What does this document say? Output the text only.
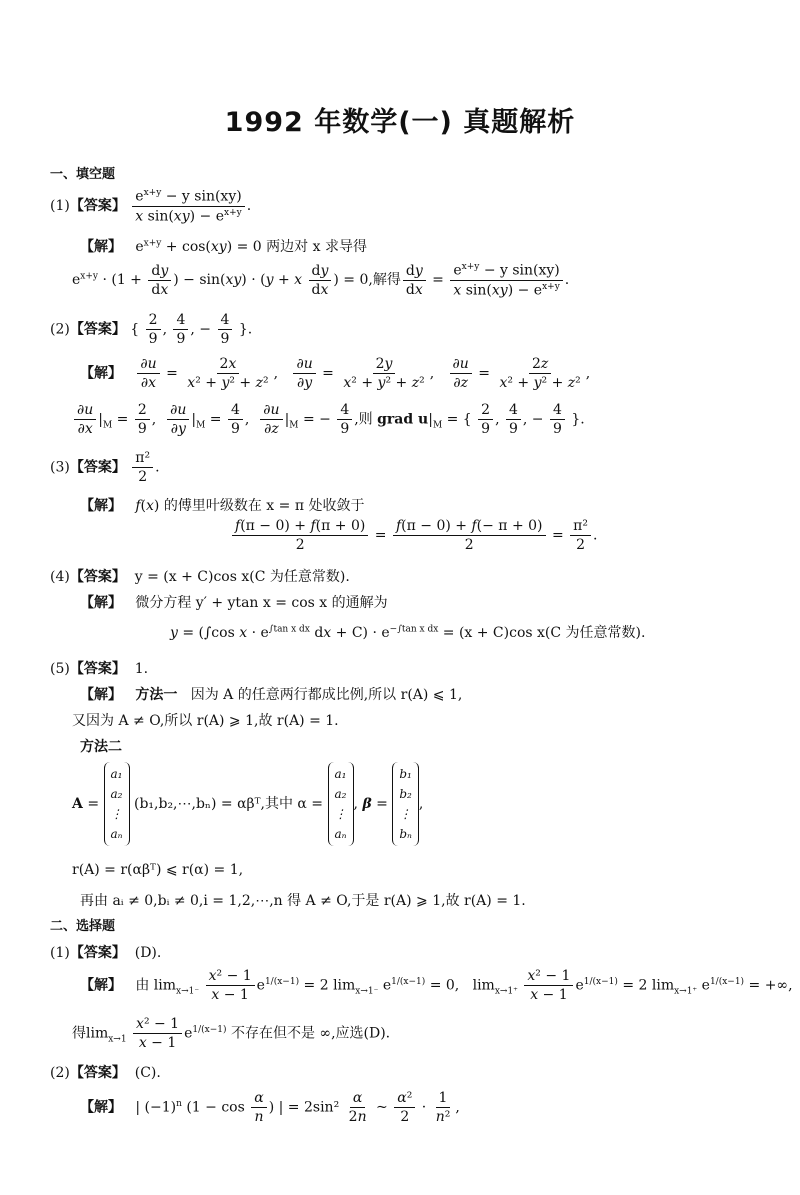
1992 年数学(一) 真题解析
一、填空题
(1)【答案】 $\frac{e^{x+y} - y \sin(xy)}{x \sin(xy) - e^{x+y}}$ .
【解】   $e^{x+y} + \cos(xy) = 0$ 两边对 x 求导得
$e^{x+y} \cdot (1 + \frac{dy}{dx}$ ) − sin(xy) · (y + x $\frac{dy}{dx}$ ) = 0,解得 $\frac{dy}{dx} = \frac{e^{x+y} - y \sin(xy)}{x \sin(xy) - e^{x+y}}$ .
(2)【答案】 { $\frac{2}{9}$ , $\frac{4}{9}$ , − $\frac{4}{9}$ }.
【解】 $\frac{\partial u}{\partial x} = \frac{2x}{\text{x² + y² + z²}}$ , $\frac{\partial u}{\partial y} = \frac{2y}{\text{x² + y² + z²}}$ , $\frac{\partial u}{\partial z} = \frac{2z}{\text{x² + y² + z²}}$ ,
$\frac{\partial u}{\partial x} |_M = \frac{2}{9}$ , $\frac{\partial u}{\partial y} |_M = \frac{4}{9}$ , $\frac{\partial u}{\partial z} |_M$ = − $\frac{4}{9}$ ,则 grad $u|_M$ = { $\frac{2}{9}$ , $\frac{4}{9}$ , − $\frac{4}{9}$ }.
(3)【答案】 $\frac{\text{π²}}{2}$ .
【解】 f(x) 的傅里叶级数在 x = π 处收敛于
$\frac{f(\pi - 0) + f(\pi + 0)}{2} = \frac{f(\pi - 0) + f(- \pi + 0)}{2} = \frac{\text{π²}}{2}$ .
(4)【答案】 y = (x + C)cos x(C 为任意常数).
【解】 微分方程 y′ + ytan x = cos x 的通解为
y = (∫cos $x \cdot e^{\int tan x dx}$ dx + $C) \cdot e^{-\int tan x dx} = (x + C)\cos$ x(C 为任意常数).
(5)【答案】 1.
【解】 方法一 因为 A 的任意两行都成比例,所以 r(A) ⩽ 1,
又因为 A ≠ O,所以 r(A) ⩾ 1,故 r(A) = 1.
方法二
A =
a₁
a₂
⋮
aₙ
(b₁,b₂,⋯,bₙ) = αβᵀ,其中 α =
a₁
a₂
⋮
aₙ
, β =
b₁
b₂
⋮
bₙ
,
r(A) = r(αβᵀ) ⩽ r(α) = 1,
再由 aᵢ ≠ 0,bᵢ ≠ 0,i = 1,2,⋯,n 得 A ≠ O,于是 r(A) ⩾ 1,故 r(A) = 1.
二、选择题
(1)【答案】 (D).
【解】 由 $\lim_{x\to 1^-} \frac{\text{x² − 1}}{x - 1} e^{1/(x-1)} = 2$ $\lim_{x\to 1^-} e^{1/(x-1)} = 0$,   $\lim_{x\to 1^+} \frac{\text{x² − 1}}{x - 1} e^{1/(x-1)} = 2$ $\lim_{x\to 1^+} e^{1/(x-1)}$ = +∞,
得$\lim_{x\to 1} \frac{\text{x² − 1}}{x - 1} e^{1/(x-1)}$ 不存在但不是 ∞,应选(D).
(2)【答案】 (C).
【解】   | $(-1)^n$ ($1 - \cos \frac{\alpha}{n}$ ) | = $2\sin^2 \frac{\alpha}{2n}$ ~ $\frac{\text{α²}}{2} \cdot \frac{1}{\text{n²}}$ ,
